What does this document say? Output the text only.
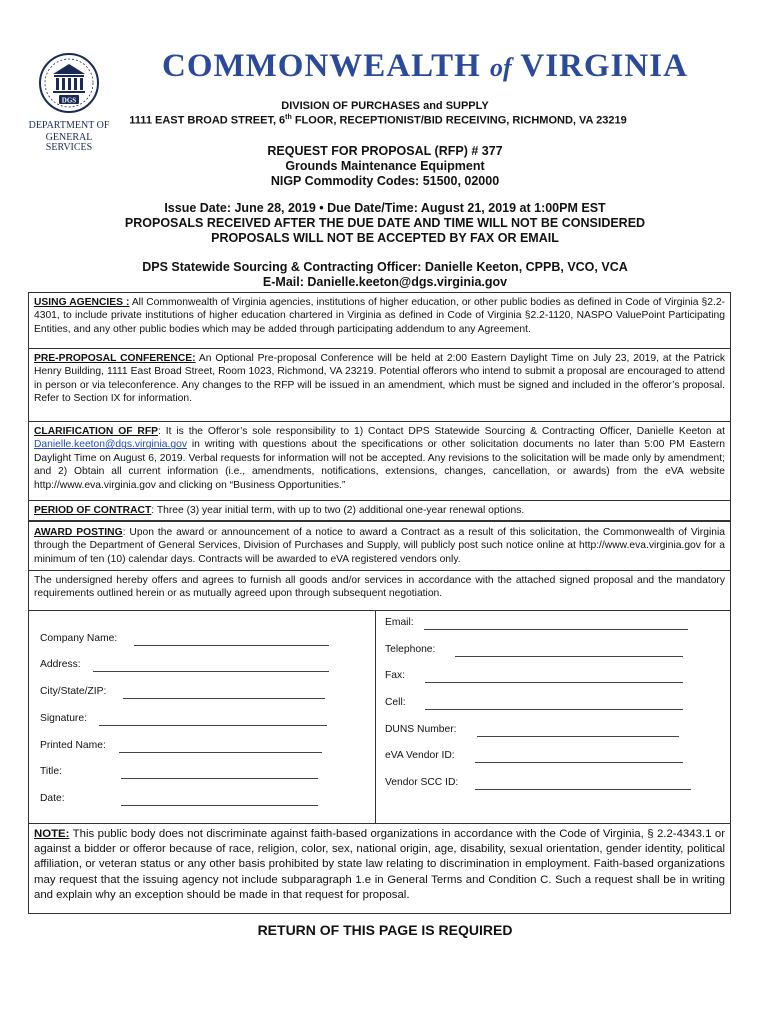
DGS
DEPARTMENT OF
GENERAL SERVICES
COMMONWEALTH of VIRGINIA
DIVISION OF PURCHASES and SUPPLY
1111 EAST BROAD STREET, 6th FLOOR, RECEPTIONIST/BID RECEIVING, RICHMOND, VA 23219
REQUEST FOR PROPOSAL (RFP) # 377
Grounds Maintenance Equipment
NIGP Commodity Codes: 51500, 02000
Issue Date: June 28, 2019 • Due Date/Time: August 21, 2019 at 1:00PM EST
PROPOSALS RECEIVED AFTER THE DUE DATE AND TIME WILL NOT BE CONSIDERED
PROPOSALS WILL NOT BE ACCEPTED BY FAX OR EMAIL
DPS Statewide Sourcing & Contracting Officer: Danielle Keeton, CPPB, VCO, VCA
E-Mail: Danielle.keeton@dgs.virginia.gov
USING AGENCIES : All Commonwealth of Virginia agencies, institutions of higher education, or other public bodies as defined in Code of Virginia §2.2-4301, to include private institutions of higher education chartered in Virginia as defined in Code of Virginia §2.2-1120, NASPO ValuePoint Participating Entities, and any other public bodies which may be added through participating addendum to any Agreement.
PRE-PROPOSAL CONFERENCE: An Optional Pre-proposal Conference will be held at 2:00 Eastern Daylight Time on July 23, 2019, at the Patrick Henry Building, 1111 East Broad Street, Room 1023, Richmond, VA 23219. Potential offerors who intend to submit a proposal are encouraged to attend in person or via teleconference. Any changes to the RFP will be issued in an amendment, which must be signed and included in the offeror’s proposal. Refer to Section IX for information.
CLARIFICATION OF RFP: It is the Offeror’s sole responsibility to 1) Contact DPS Statewide Sourcing & Contracting Officer, Danielle Keeton at Danielle.keeton@dgs.virginia.gov in writing with questions about the specifications or other solicitation documents no later than 5:00 PM Eastern Daylight Time on August 6, 2019. Verbal requests for information will not be accepted. Any revisions to the solicitation will be made only by amendment; and 2) Obtain all current information (i.e., amendments, notifications, extensions, changes, cancellation, or awards) from the eVA website http://www.eva.virginia.gov and clicking on “Business Opportunities.”
PERIOD OF CONTRACT: Three (3) year initial term, with up to two (2) additional one-year renewal options.
AWARD POSTING: Upon the award or announcement of a notice to award a Contract as a result of this solicitation, the Commonwealth of Virginia through the Department of General Services, Division of Purchases and Supply, will publicly post such notice online at http://www.eva.virginia.gov for a minimum of ten (10) calendar days. Contracts will be awarded to eVA registered vendors only.
The undersigned hereby offers and agrees to furnish all goods and/or services in accordance with the attached signed proposal and the mandatory requirements outlined herein or as mutually agreed upon through subsequent negotiation.
Company Name:
Address:
City/State/ZIP:
Signature:
Printed Name:
Title:
Date:
Email:
Telephone:
Fax:
Cell:
DUNS Number:
eVA Vendor ID:
Vendor SCC ID:
NOTE: This public body does not discriminate against faith-based organizations in accordance with the Code of Virginia, § 2.2-4343.1 or against a bidder or offeror because of race, religion, color, sex, national origin, age, disability, sexual orientation, gender identity, political affiliation, or veteran status or any other basis prohibited by state law relating to discrimination in employment. Faith-based organizations may request that the issuing agency not include subparagraph 1.e in General Terms and Condition C. Such a request shall be in writing and explain why an exception should be made in that request for proposal.
RETURN OF THIS PAGE IS REQUIRED
